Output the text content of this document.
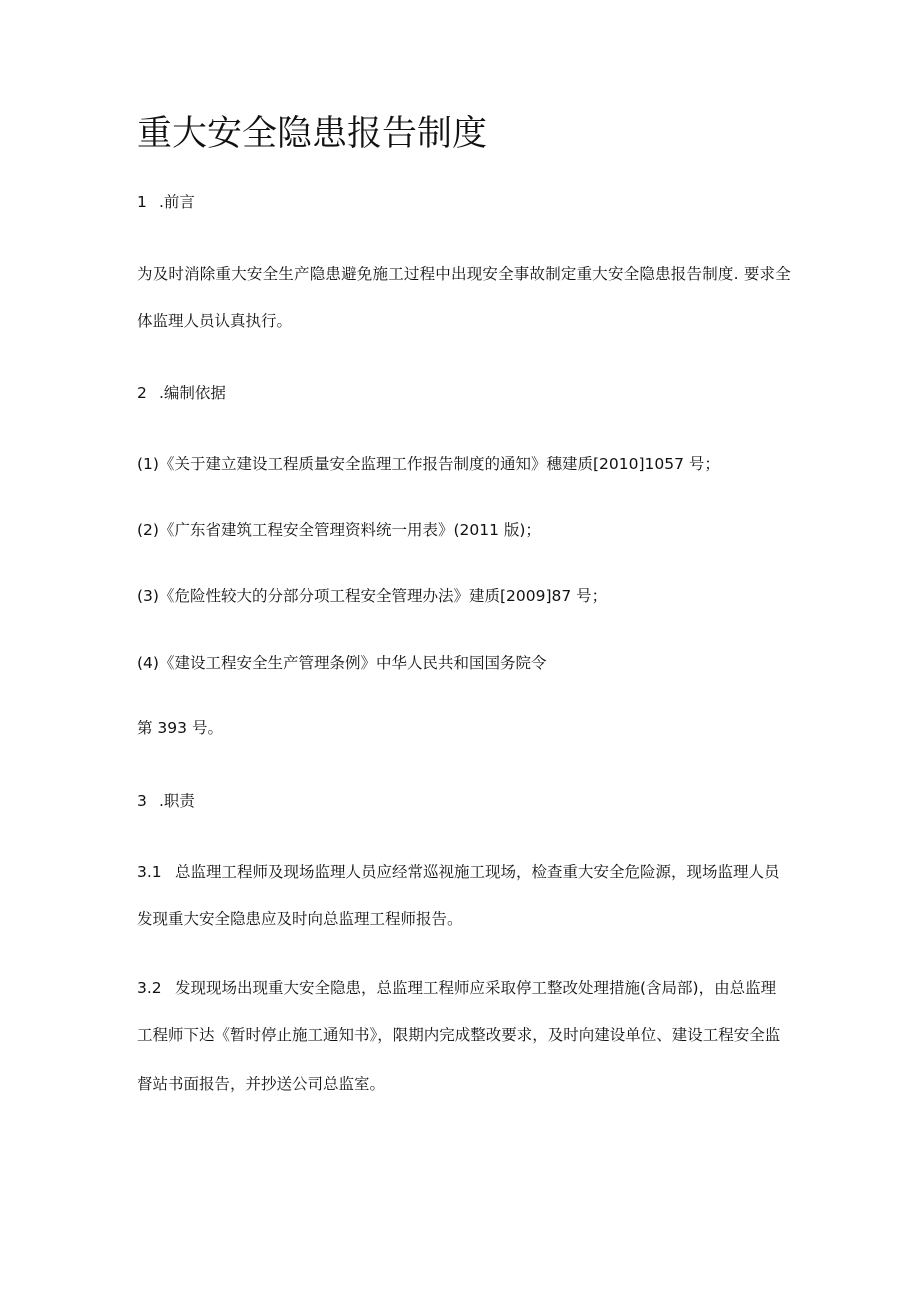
重大安全隐患报告制度
1 .前言
为及时消除重大安全生产隐患避免施工过程中出现安全事故制定重大安全隐患报告制度. 要求全
体监理人员认真执行。
2 .编制依据
(1)《关于建立建设工程质量安全监理工作报告制度的通知》穗建质[2010]1057 号；
(2)《广东省建筑工程安全管理资料统一用表》(2011 版)；
(3)《危险性较大的分部分项工程安全管理办法》建质[2009]87 号；
(4)《建设工程安全生产管理条例》中华人民共和国国务院令
第 393 号。
3 .职责
3.1 总监理工程师及现场监理人员应经常巡视施工现场，检查重大安全危险源，现场监理人员
发现重大安全隐患应及时向总监理工程师报告。
3.2 发现现场出现重大安全隐患，总监理工程师应采取停工整改处理措施(含局部)，由总监理
工程师下达《暂时停止施工通知书》，限期内完成整改要求，及时向建设单位、建设工程安全监
督站书面报告，并抄送公司总监室。
